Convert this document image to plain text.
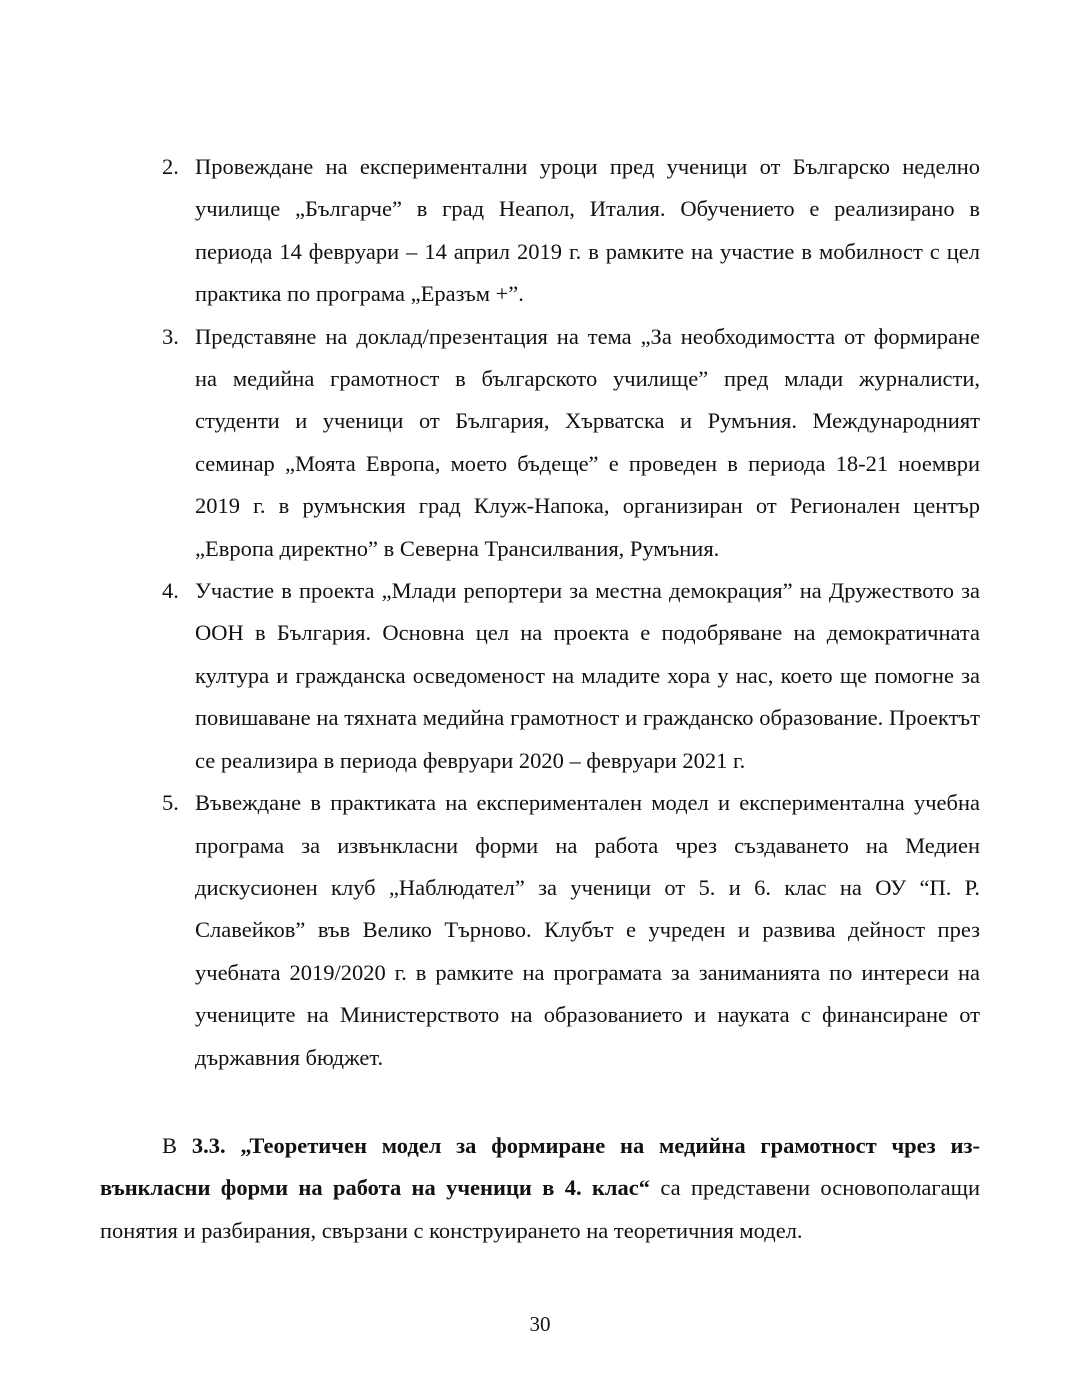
2. Провеждане на експериментални уроци пред ученици от Българско неделно училище „Българче” в град Неапол, Италия. Обучението е реализирано в периода 14 февруари – 14 април 2019 г. в рамките на участие в мобилност с цел практика по програма „Еразъм +”.
3. Представяне на доклад/презентация на тема „За необходимостта от формиране на медийна грамотност в българското училище” пред млади журналисти, студенти и ученици от България, Хърватска и Румъния. Международният семинар „Моята Европа, моето бъдеще” е проведен в периода 18-21 ноември 2019 г. в румънския град Клуж-Напока, организиран от Регионален център „Европа директно” в Северна Трансилвания, Румъния.
4. Участие в проекта „Млади репортери за местна демокрация” на Дружеството за ООН в България. Основна цел на проекта е подобряване на демократичната култура и гражданска осведоменост на младите хора у нас, което ще помогне за повишаване на тяхната медийна грамотност и гражданско образование. Проектът се реализира в периода февруари 2020 – февруари 2021 г.
5. Въвеждане в практиката на експериментален модел и експериментална учебна програма за извънкласни форми на работа чрез създаването на Медиен дискусионен клуб „Наблюдател” за ученици от 5. и 6. клас на ОУ “П. Р. Славейков” във Велико Търново. Клубът е учреден и развива дейност през учебната 2019/2020 г. в рамките на програмата за заниманията по интереси на учениците на Министерството на образованието и науката с финансиране от държавния бюджет.

В 3.3. „Теоретичен модел за формиране на медийна грамотност чрез извънкласни форми на работа на ученици в 4. клас“ са представени основополагащи понятия и разбирания, свързани с конструирането на теоретичния модел.

30
